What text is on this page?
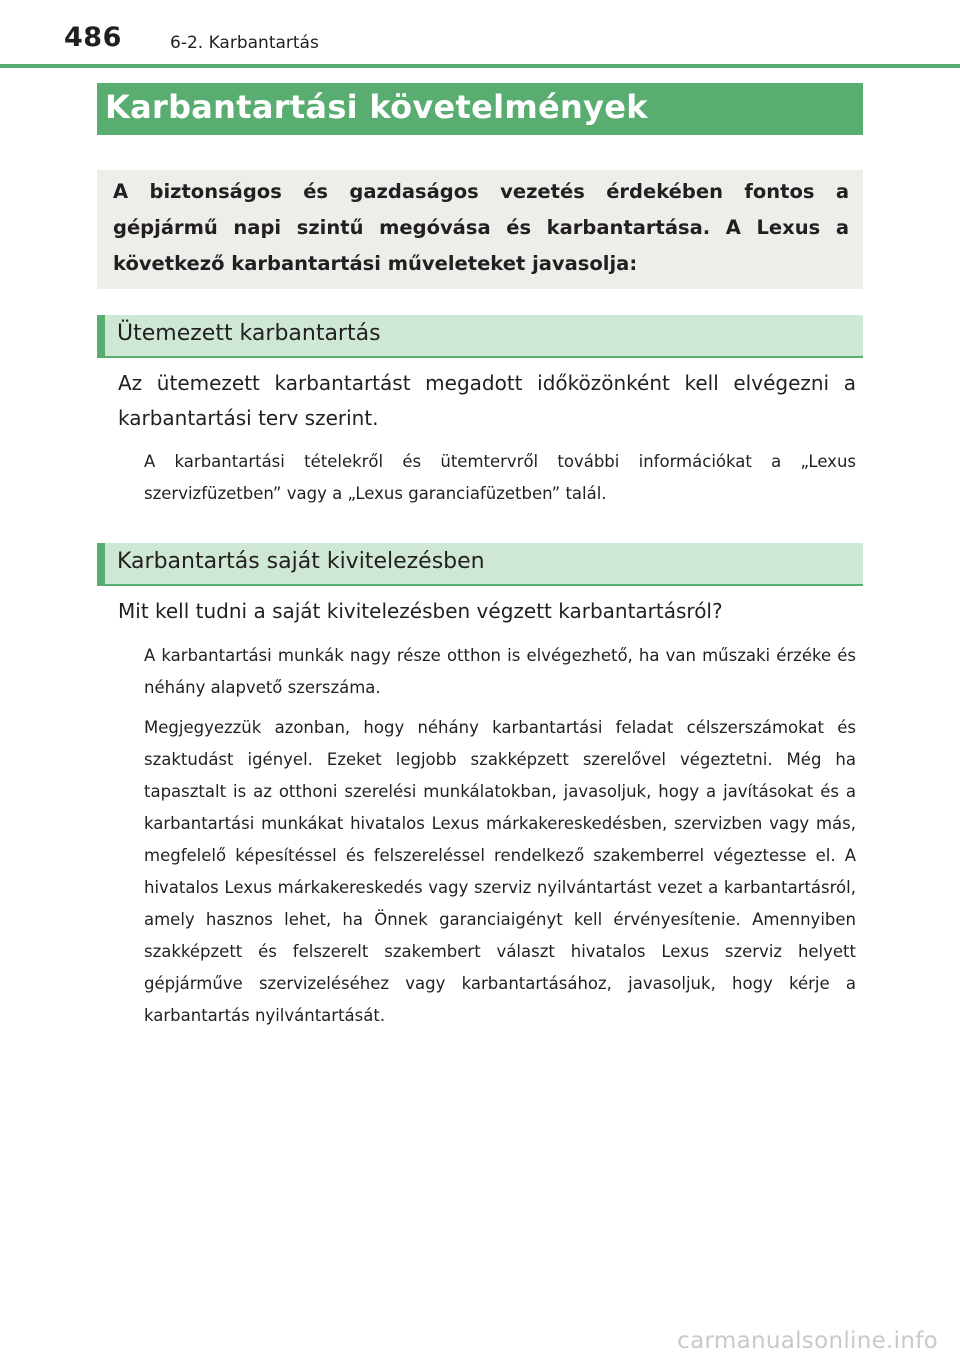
486	6-2. Karbantartás
Karbantartási követelmények

A biztonságos és gazdaságos vezetés érdekében fontos a gépjármű napi szintű megóvása és karbantartása. A Lexus a következő karbantartási műveleteket javasolja:

Ütemezett karbantartás

Az ütemezett karbantartást megadott időközönként kell elvégezni a karbantartási terv szerint.

A karbantartási tételekről és ütemtervről további információkat a „Lexus szervizfüzetben” vagy a „Lexus garanciafüzetben” talál.

Karbantartás saját kivitelezésben

Mit kell tudni a saját kivitelezésben végzett karbantartásról?

A karbantartási munkák nagy része otthon is elvégezhető, ha van műszaki érzéke és néhány alapvető szerszáma.

Megjegyezzük azonban, hogy néhány karbantartási feladat célszerszámokat és szaktudást igényel. Ezeket legjobb szakképzett szerelővel végeztetni. Még ha tapasztalt is az otthoni szerelési munkálatokban, javasoljuk, hogy a javításokat és a karbantartási munkákat hivatalos Lexus márkakereskedésben, szervizben vagy más, megfelelő képesítéssel és felszereléssel rendelkező szakemberrel végeztesse el. A hivatalos Lexus márkakereskedés vagy szerviz nyilvántartást vezet a karbantartásról, amely hasznos lehet, ha Önnek garanciaigényt kell érvényesítenie. Amennyiben szakképzett és felszerelt szakembert választ hivatalos Lexus szerviz helyett gépjárműve szervizeléséhez vagy karbantartásához, javasoljuk, hogy kérje a karbantartás nyilvántartását.

carmanualsonline.info
